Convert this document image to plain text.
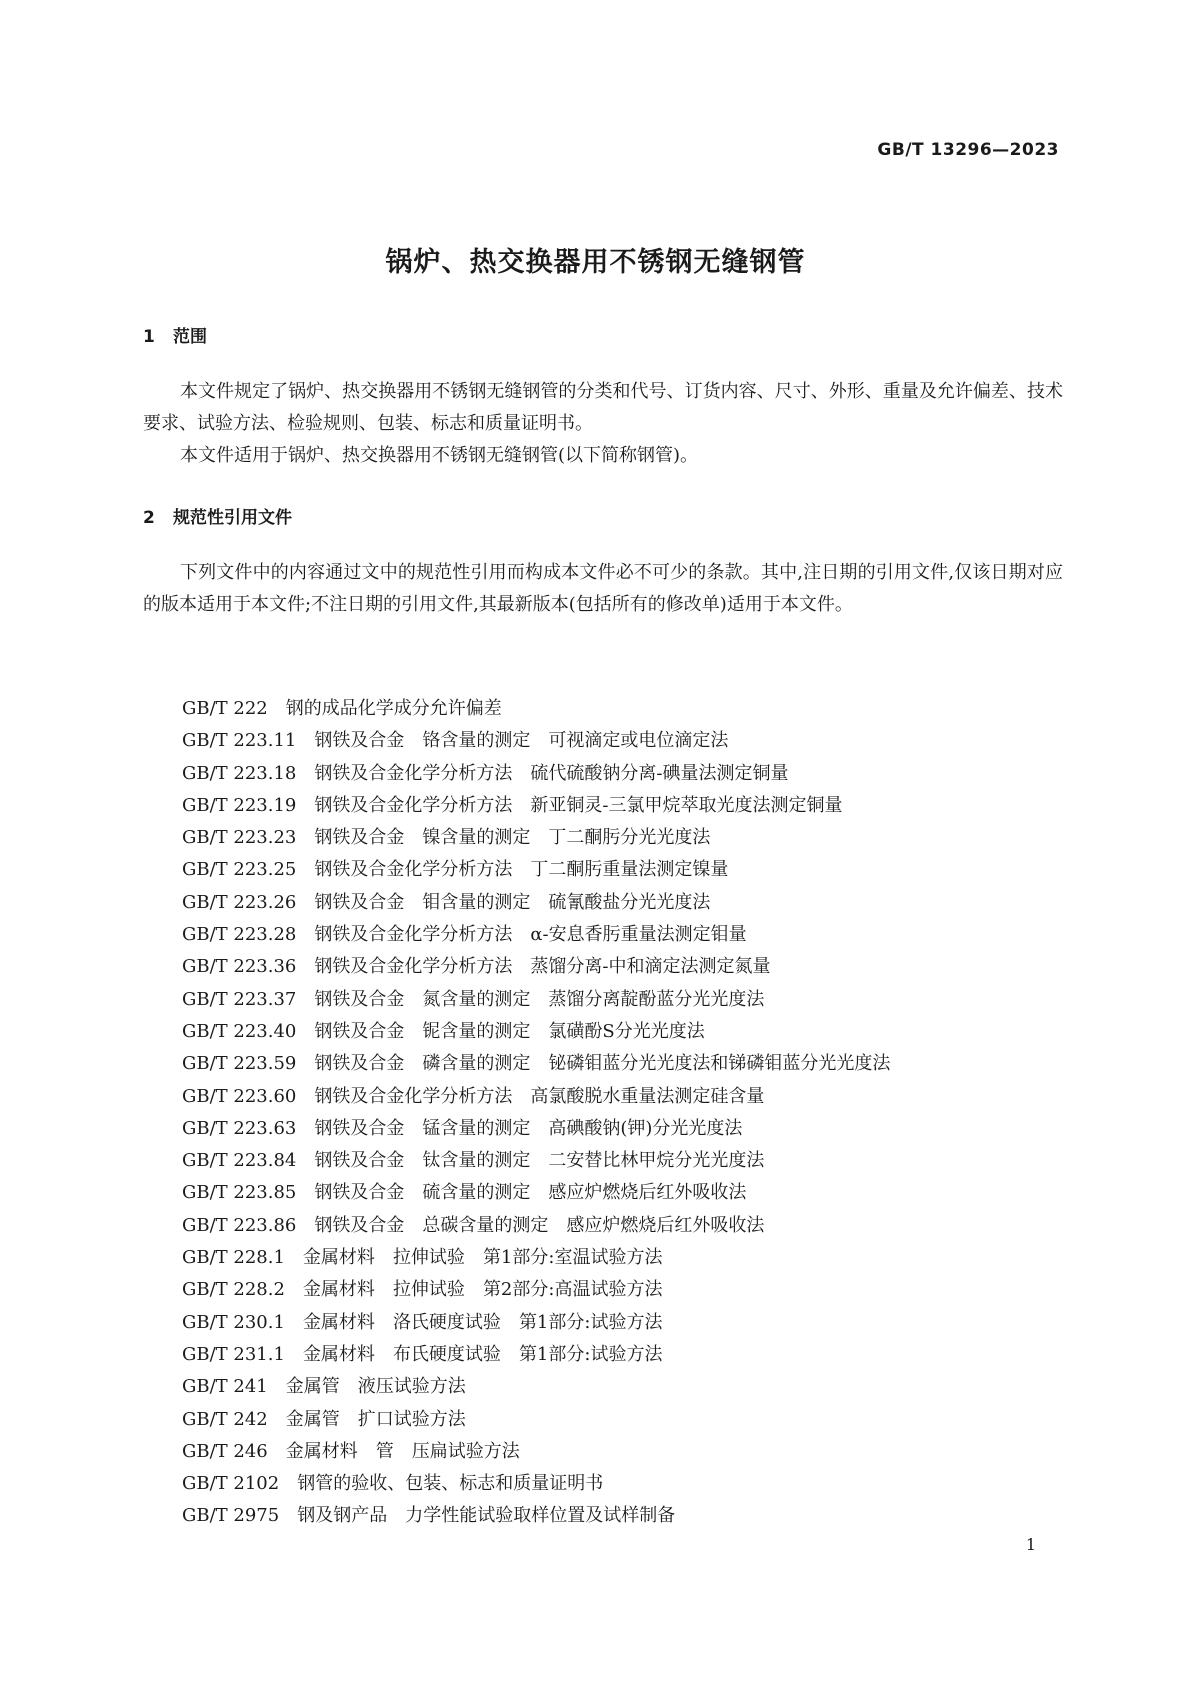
GB/T 13296—2023
锅炉、热交换器用不锈钢无缝钢管
1 范围

本文件规定了锅炉、热交换器用不锈钢无缝钢管的分类和代号、订货内容、尺寸、外形、重量及允许偏差、技术要求、试验方法、检验规则、包装、标志和质量证明书。

本文件适用于锅炉、热交换器用不锈钢无缝钢管(以下简称钢管)。

2 规范性引用文件

下列文件中的内容通过文中的规范性引用而构成本文件必不可少的条款。其中,注日期的引用文件,仅该日期对应的版本适用于本文件;不注日期的引用文件,其最新版本(包括所有的修改单)适用于本文件。

GB/T 222 钢的成品化学成分允许偏差
GB/T 223.11 钢铁及合金 铬含量的测定 可视滴定或电位滴定法
GB/T 223.18 钢铁及合金化学分析方法 硫代硫酸钠分离-碘量法测定铜量
GB/T 223.19 钢铁及合金化学分析方法 新亚铜灵-三氯甲烷萃取光度法测定铜量
GB/T 223.23 钢铁及合金 镍含量的测定 丁二酮肟分光光度法
GB/T 223.25 钢铁及合金化学分析方法 丁二酮肟重量法测定镍量
GB/T 223.26 钢铁及合金 钼含量的测定 硫氰酸盐分光光度法
GB/T 223.28 钢铁及合金化学分析方法 α-安息香肟重量法测定钼量
GB/T 223.36 钢铁及合金化学分析方法 蒸馏分离-中和滴定法测定氮量
GB/T 223.37 钢铁及合金 氮含量的测定 蒸馏分离靛酚蓝分光光度法
GB/T 223.40 钢铁及合金 铌含量的测定 氯磺酚S分光光度法
GB/T 223.59 钢铁及合金 磷含量的测定 铋磷钼蓝分光光度法和锑磷钼蓝分光光度法
GB/T 223.60 钢铁及合金化学分析方法 高氯酸脱水重量法测定硅含量
GB/T 223.63 钢铁及合金 锰含量的测定 高碘酸钠(钾)分光光度法
GB/T 223.84 钢铁及合金 钛含量的测定 二安替比林甲烷分光光度法
GB/T 223.85 钢铁及合金 硫含量的测定 感应炉燃烧后红外吸收法
GB/T 223.86 钢铁及合金 总碳含量的测定 感应炉燃烧后红外吸收法
GB/T 228.1 金属材料 拉伸试验 第1部分:室温试验方法
GB/T 228.2 金属材料 拉伸试验 第2部分:高温试验方法
GB/T 230.1 金属材料 洛氏硬度试验 第1部分:试验方法
GB/T 231.1 金属材料 布氏硬度试验 第1部分:试验方法
GB/T 241 金属管 液压试验方法
GB/T 242 金属管 扩口试验方法
GB/T 246 金属材料 管 压扁试验方法
GB/T 2102 钢管的验收、包装、标志和质量证明书
GB/T 2975 钢及钢产品 力学性能试验取样位置及试样制备
1
